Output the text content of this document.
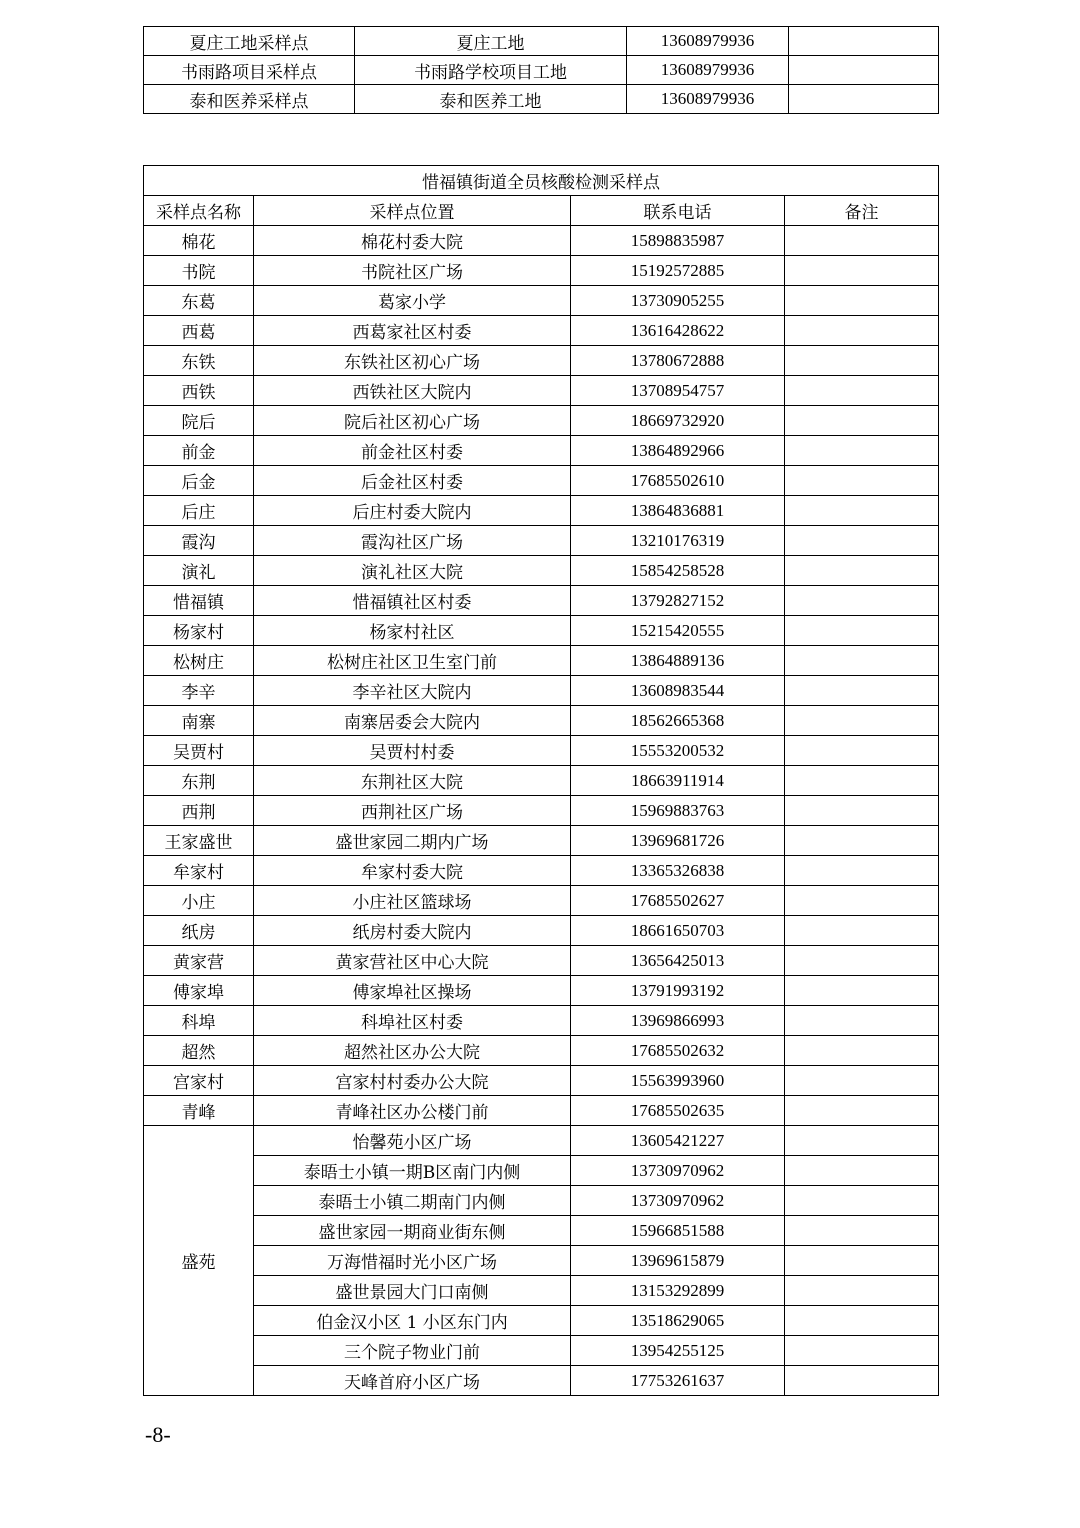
夏庄工地采样点	夏庄工地	13608979936	
书雨路项目采样点	书雨路学校项目工地	13608979936	
泰和医养采样点	泰和医养工地	13608979936	
惜福镇街道全员核酸检测采样点			
采样点名称	采样点位置	联系电话	备注
棉花	棉花村委大院	15898835987	
书院	书院社区广场	15192572885	
东葛	葛家小学	13730905255	
西葛	西葛家社区村委	13616428622	
东铁	东铁社区初心广场	13780672888	
西铁	西铁社区大院内	13708954757	
院后	院后社区初心广场	18669732920	
前金	前金社区村委	13864892966	
后金	后金社区村委	17685502610	
后庄	后庄村委大院内	13864836881	
霞沟	霞沟社区广场	13210176319	
演礼	演礼社区大院	15854258528	
惜福镇	惜福镇社区村委	13792827152	
杨家村	杨家村社区	15215420555	
松树庄	松树庄社区卫生室门前	13864889136	
李辛	李辛社区大院内	13608983544	
南寨	南寨居委会大院内	18562665368	
吴贾村	吴贾村村委	15553200532	
东荆	东荆社区大院	18663911914	
西荆	西荆社区广场	15969883763	
王家盛世	盛世家园二期内广场	13969681726	
牟家村	牟家村委大院	13365326838	
小庄	小庄社区篮球场	17685502627	
纸房	纸房村委大院内	18661650703	
黄家营	黄家营社区中心大院	13656425013	
傅家埠	傅家埠社区操场	13791993192	
科埠	科埠社区村委	13969866993	
超然	超然社区办公大院	17685502632	
宫家村	宫家村村委办公大院	15563993960	
青峰	青峰社区办公楼门前	17685502635	
盛苑	怡馨苑小区广场	13605421227	
	泰晤士小镇一期B区南门内侧	13730970962	
	泰晤士小镇二期南门内侧	13730970962	
	盛世家园一期商业街东侧	15966851588	
	万海惜福时光小区广场	13969615879	
	盛世景园大门口南侧	13153292899	
	伯金汉小区 1 小区东门内	13518629065	
	三个院子物业门前	13954255125	
	天峰首府小区广场	17753261637	
-8-
